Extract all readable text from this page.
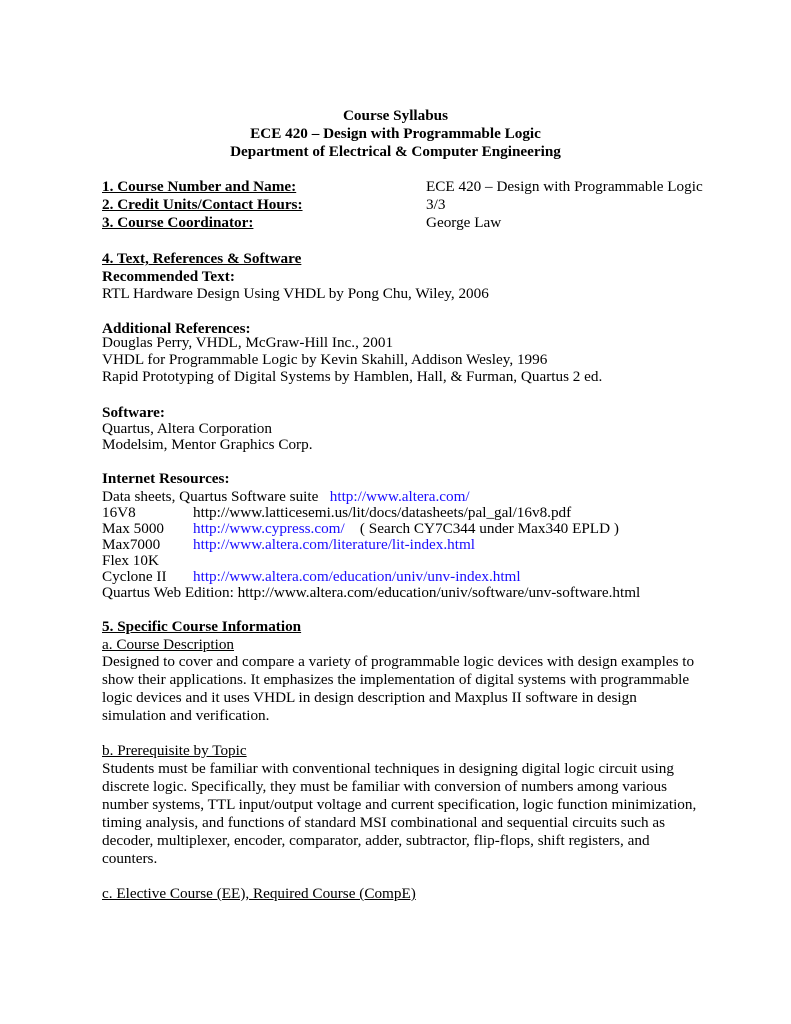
Course Syllabus
ECE 420 – Design with Programmable Logic
Department of Electrical & Computer Engineering
1. Course Number and Name:	ECE 420 – Design with Programmable Logic
2. Credit Units/Contact Hours:	3/3
3. Course Coordinator:	George Law
4. Text, References & Software
Recommended Text:
RTL Hardware Design Using VHDL by Pong Chu, Wiley, 2006
Additional References:
Douglas Perry, VHDL, McGraw-Hill Inc., 2001
VHDL for Programmable Logic by Kevin Skahill, Addison Wesley, 1996
Rapid Prototyping of Digital Systems by Hamblen, Hall, & Furman, Quartus 2 ed.
Software:
Quartus, Altera Corporation
Modelsim, Mentor Graphics Corp.
Internet Resources:
Data sheets, Quartus Software suite http://www.altera.com/
16V8	http://www.latticesemi.us/lit/docs/datasheets/pal_gal/16v8.pdf
Max 5000 http://www.cypress.com/ ( Search CY7C344 under Max340 EPLD )
Max7000 http://www.altera.com/literature/lit-index.html
Flex 10K
Cyclone II http://www.altera.com/education/univ/unv-index.html
Quartus Web Edition: http://www.altera.com/education/univ/software/unv-software.html
5. Specific Course Information
a. Course Description
Designed to cover and compare a variety of programmable logic devices with design examples to
show their applications. It emphasizes the implementation of digital systems with programmable
logic devices and it uses VHDL in design description and Maxplus II software in design
simulation and verification.
b. Prerequisite by Topic
Students must be familiar with conventional techniques in designing digital logic circuit using
discrete logic. Specifically, they must be familiar with conversion of numbers among various
number systems, TTL input/output voltage and current specification, logic function minimization,
timing analysis, and functions of standard MSI combinational and sequential circuits such as
decoder, multiplexer, encoder, comparator, adder, subtractor, flip-flops, shift registers, and
counters.
c. Elective Course (EE), Required Course (CompE)
